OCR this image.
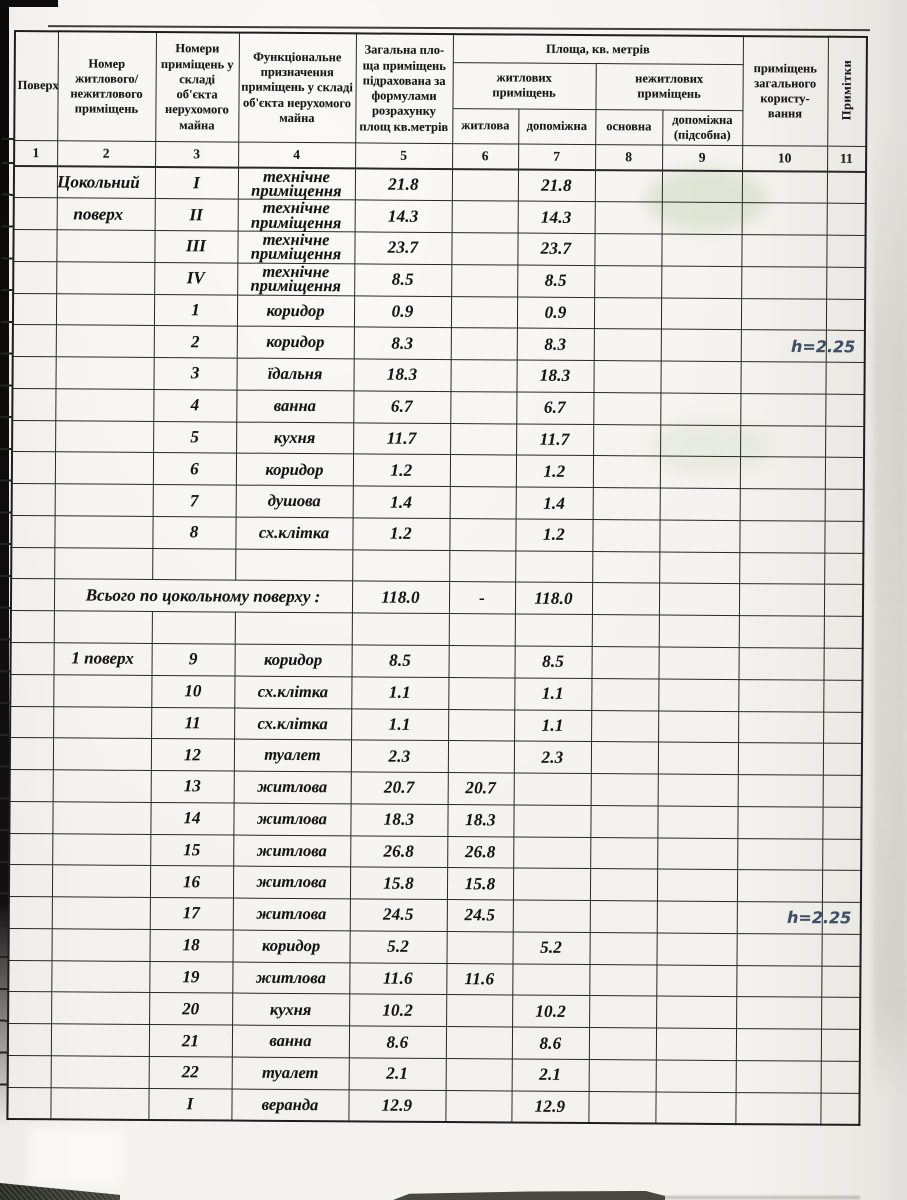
Поверх	Номер житлового/ нежитлового приміщень	Номери приміщень у складі об'єкта нерухомого майна	Функціональне призначення приміщень у складі об'єкта нерухомого майна	Загальна пло-ща приміщень підрахована за формулами розрахунку площ кв.метрів	Площа, кв. метрів				приміщень загального користу- вання	Примітки
					житлових приміщень		нежитлових приміщень			
					житлова	допоміжна	основна	допоміжна (підсобна)		
1	2	3	4	5	6	7	8	9	10	11
	Цокольний	I	технічне приміщення	21.8		21.8			

	поверх	II	технічне приміщення	14.3		14.3			

		III	технічне приміщення	23.7		23.7			

		IV	технічне приміщення	8.5		8.5			

		1	коридор	0.9		0.9			

		2	коридор	8.3		8.3			h=2.25	

		3	їдальня	18.3		18.3			

		4	ванна	6.7		6.7			

		5	кухня	11.7		11.7			

		6	коридор	1.2		1.2			

		7	душова	1.4		1.4			

		8	сх.клітка	1.2		1.2			

	Всього по цокольному поверху :			118.0	-	118.0				

	1 поверх	9	коридор	8.5		8.5			

		10	сх.клітка	1.1		1.1			

		11	сх.клітка	1.1		1.1			

		12	туалет	2.3		2.3			

		13	житлова	20.7	20.7				

		14	житлова	18.3	18.3				

		15	житлова	26.8	26.8				

		16	житлова	15.8	15.8				

		17	житлова	24.5	24.5				h=2.25	

		18	коридор	5.2		5.2			

		19	житлова	11.6	11.6				

		20	кухня	10.2		10.2			

		21	ванна	8.6		8.6			

		22	туалет	2.1		2.1			

		I	веранда	12.9		12.9			
